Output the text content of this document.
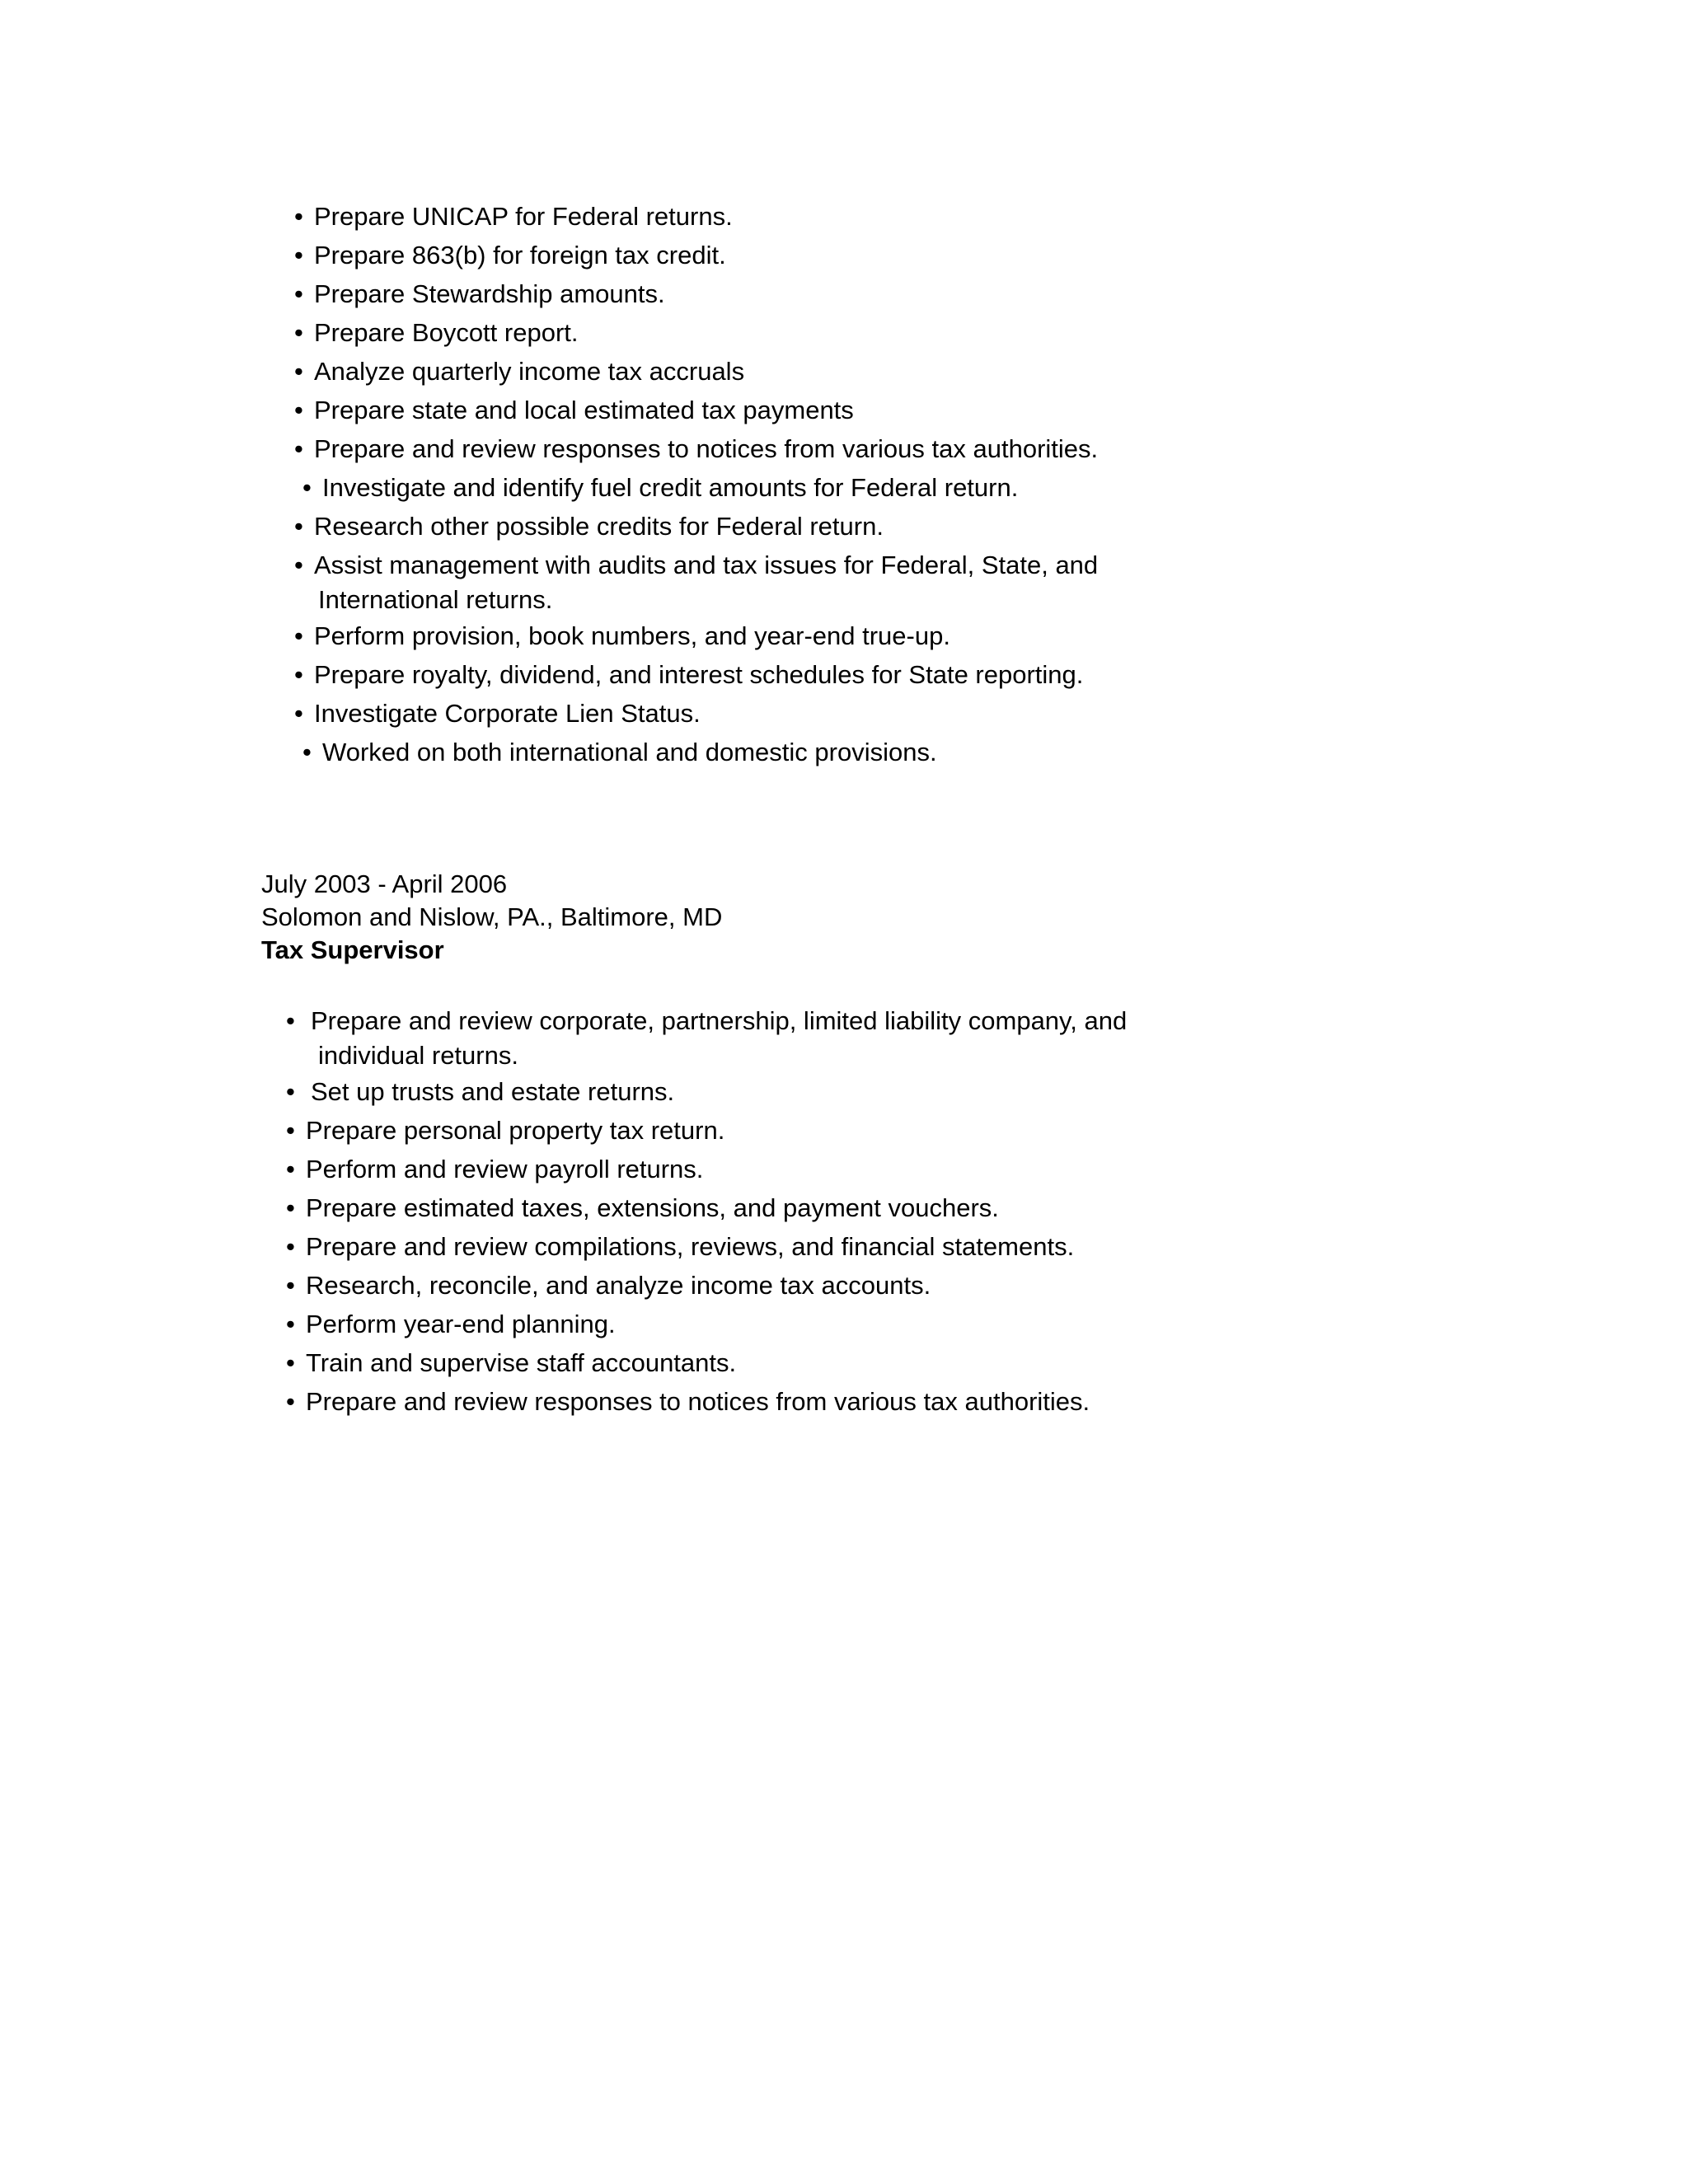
• Prepare UNICAP for Federal returns.
• Prepare 863(b) for foreign tax credit.
• Prepare Stewardship amounts.
• Prepare Boycott report.
• Analyze quarterly income tax accruals
• Prepare state and local estimated tax payments
• Prepare and review responses to notices from various tax authorities.
• Investigate and identify fuel credit amounts for Federal return.
• Research other possible credits for Federal return.
• Assist management with audits and tax issues for Federal, State, and
International returns.
• Perform provision, book numbers, and year-end true-up.
• Prepare royalty, dividend, and interest schedules for State reporting.
• Investigate Corporate Lien Status.
• Worked on both international and domestic provisions.
July 2003 - April 2006
Solomon and Nislow, PA., Baltimore, MD
Tax Supervisor
• Prepare and review corporate, partnership, limited liability company, and
individual returns.
• Set up trusts and estate returns.
• Prepare personal property tax return.
• Perform and review payroll returns.
• Prepare estimated taxes, extensions, and payment vouchers.
• Prepare and review compilations, reviews, and financial statements.
• Research, reconcile, and analyze income tax accounts.
• Perform year-end planning.
• Train and supervise staff accountants.
• Prepare and review responses to notices from various tax authorities.
